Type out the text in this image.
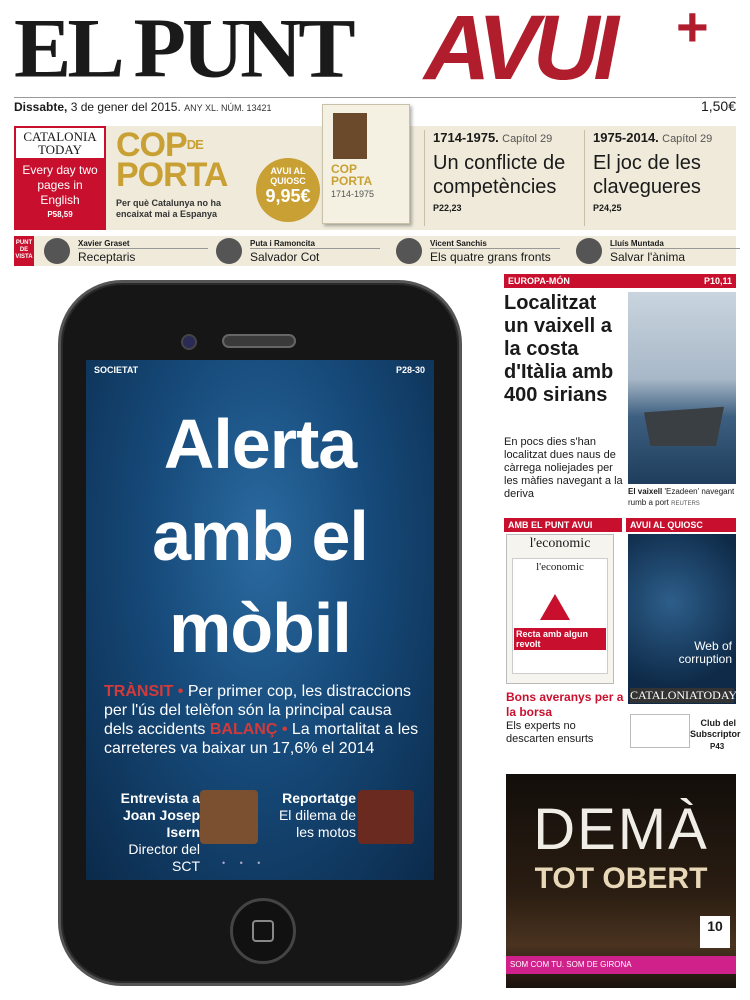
EL PUNT AVUI +
Dissabte, 3 de gener del 2015. ANY XL. NÚM. 13421	1,50€
CATALONIA
TODAY
Every day two pages in English
P58,59
$COP^{DE}$
PORTA
Per què Catalunya no ha encaixat mai a Espanya
AVUI AL QUIOSC
9,95€
COP
PORTA
1714-1975
1714-1975. Capítol 29
Un conflicte de competències
P22,23
1975-2014. Capítol 29
El joc de les clavegueres
P24,25
PUNT DE VISTA
Xavier Graset
Receptaris
Puta i Ramoncita
Salvador Cot
Vicent Sanchis
Els quatre grans fronts
Lluís Muntada
Salvar l'ànima
SOCIETAT	P28-30
Alerta
amb el
mòbil
TRÀNSIT • Per primer cop, les distraccions per l'ús del telèfon són la principal causa dels accidents BALANÇ • La mortalitat a les carreteres va baixar un 17,6% el 2014
Entrevista a
Joan Josep Isern
Director del SCT
Reportatge
El dilema de les motos
• • •
EUROPA-MÓN	P10,11
Localitzat un vaixell a la costa d'Itàlia amb 400 sirians
En pocs dies s'han localitzat dues naus de càrrega noliejades per les màfies navegant a la deriva	El vaixell 'Ezadeen' navegant rumb a port REUTERS
AMB EL PUNT AVUI	AVUI AL QUIOSC
l'economic
l'economic
Recta amb algun revolt
Bons averanys per a la borsa
Els experts no descarten ensurts
Web of corruption
CATALONIATODAY
Club del Subscriptor
P43
DEMÀ
TOT OBERT
10
SOM COM TU. SOM DE GIRONA
